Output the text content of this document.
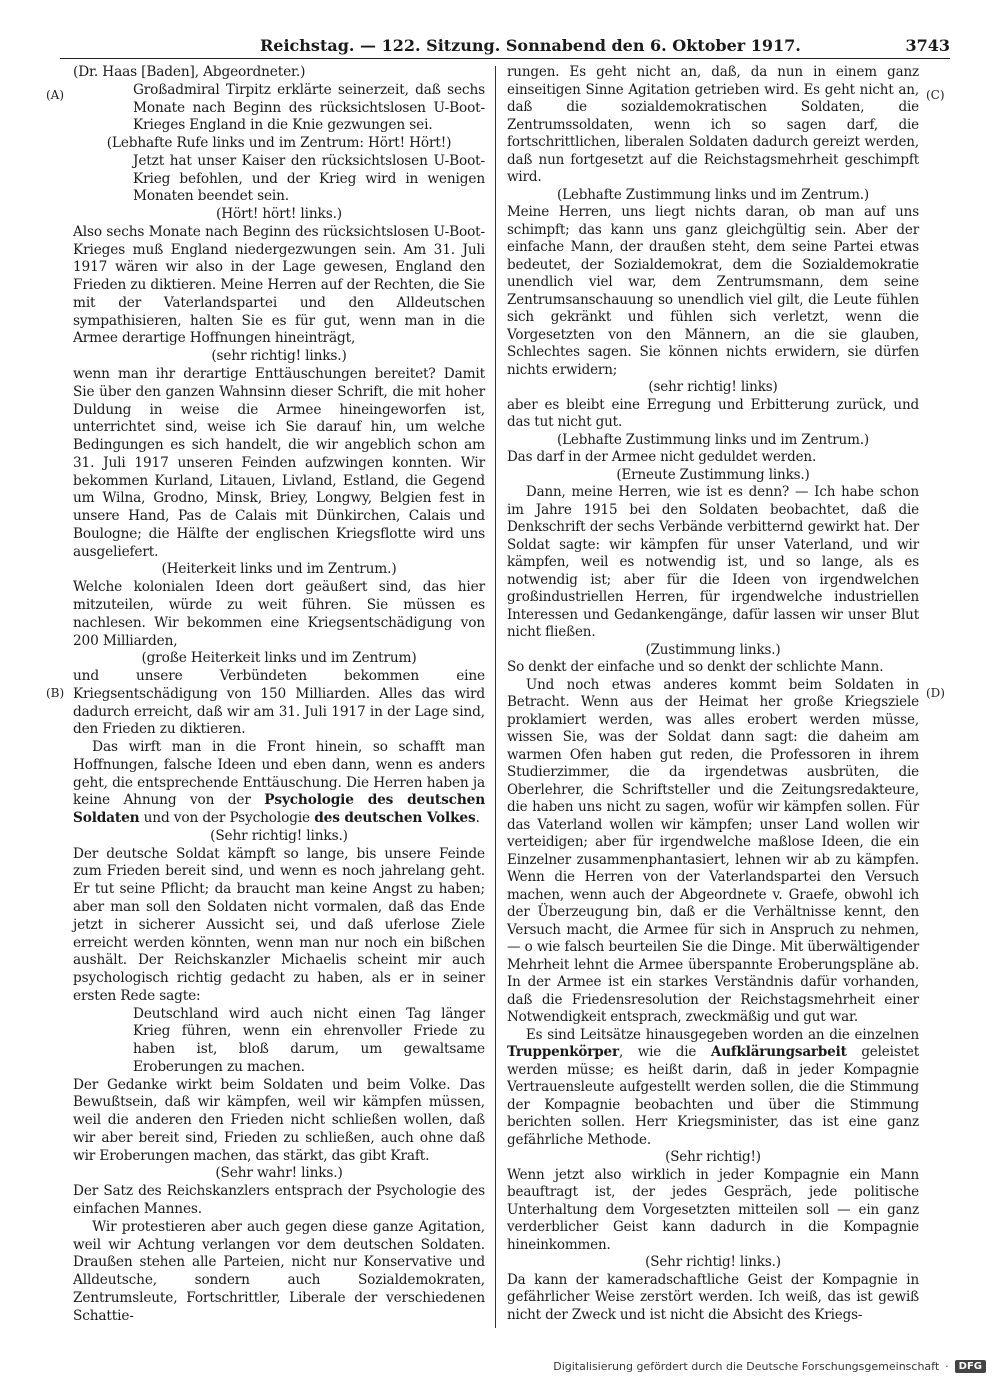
Reichstag. — 122. Sitzung. Sonnabend den 6. Oktober 1917.	3743
(A)
(B)
(C)
(D)

(Dr. Haas [Baden], Abgeordneter.)

Großadmiral Tirpitz erklärte seinerzeit, daß sechs Monate nach Beginn des rücksichtslosen U-Boot-Krieges England in die Knie gezwungen sei.

(Lebhafte Rufe links und im Zentrum: Hört! Hört!)

Jetzt hat unser Kaiser den rücksichtslosen U-Boot-Krieg befohlen, und der Krieg wird in wenigen Monaten beendet sein.

(Hört! hört! links.)

Also sechs Monate nach Beginn des rücksichtslosen U-Boot-Krieges muß England niedergezwungen sein. Am 31. Juli 1917 wären wir also in der Lage gewesen, England den Frieden zu diktieren. Meine Herren auf der Rechten, die Sie mit der Vaterlandspartei und den Alldeutschen sympathisieren, halten Sie es für gut, wenn man in die Armee derartige Hoffnungen hineinträgt,

(sehr richtig! links.)

wenn man ihr derartige Enttäuschungen bereitet? Damit Sie über den ganzen Wahnsinn dieser Schrift, die mit hoher Duldung in weise die Armee hineingeworfen ist, unterrichtet sind, weise ich Sie darauf hin, um welche Bedingungen es sich handelt, die wir angeblich schon am 31. Juli 1917 unseren Feinden aufzwingen konnten. Wir bekommen Kurland, Litauen, Livland, Estland, die Gegend um Wilna, Grodno, Minsk, Briey, Longwy, Belgien fest in unsere Hand, Pas de Calais mit Dünkirchen, Calais und Boulogne; die Hälfte der englischen Kriegsflotte wird uns ausgeliefert.

(Heiterkeit links und im Zentrum.)

Welche kolonialen Ideen dort geäußert sind, das hier mitzuteilen, würde zu weit führen. Sie müssen es nachlesen. Wir bekommen eine Kriegsentschädigung von 200 Milliarden,

(große Heiterkeit links und im Zentrum)

und unsere Verbündeten bekommen eine Kriegsentschädigung von 150 Milliarden. Alles das wird dadurch erreicht, daß wir am 31. Juli 1917 in der Lage sind, den Frieden zu diktieren.

Das wirft man in die Front hinein, so schafft man Hoffnungen, falsche Ideen und eben dann, wenn es anders geht, die entsprechende Enttäuschung. Die Herren haben ja keine Ahnung von der Psychologie des deutschen Soldaten und von der Psychologie des deutschen Volkes.

(Sehr richtig! links.)

Der deutsche Soldat kämpft so lange, bis unsere Feinde zum Frieden bereit sind, und wenn es noch jahrelang geht. Er tut seine Pflicht; da braucht man keine Angst zu haben; aber man soll den Soldaten nicht vormalen, daß das Ende jetzt in sicherer Aussicht sei, und daß uferlose Ziele erreicht werden könnten, wenn man nur noch ein bißchen aushält. Der Reichskanzler Michaelis scheint mir auch psychologisch richtig gedacht zu haben, als er in seiner ersten Rede sagte:

Deutschland wird auch nicht einen Tag länger Krieg führen, wenn ein ehrenvoller Friede zu haben ist, bloß darum, um gewaltsame Eroberungen zu machen.

Der Gedanke wirkt beim Soldaten und beim Volke. Das Bewußtsein, daß wir kämpfen, weil wir kämpfen müssen, weil die anderen den Frieden nicht schließen wollen, daß wir aber bereit sind, Frieden zu schließen, auch ohne daß wir Eroberungen machen, das stärkt, das gibt Kraft.

(Sehr wahr! links.)

Der Satz des Reichskanzlers entsprach der Psychologie des einfachen Mannes.

Wir protestieren aber auch gegen diese ganze Agitation, weil wir Achtung verlangen vor dem deutschen Soldaten. Draußen stehen alle Parteien, nicht nur Konservative und Alldeutsche, sondern auch Sozialdemokraten, Zentrumsleute, Fortschrittler, Liberale der verschiedenen Schattie-

rungen. Es geht nicht an, daß, da nun in einem ganz einseitigen Sinne Agitation getrieben wird. Es geht nicht an, daß die sozialdemokratischen Soldaten, die Zentrumssoldaten, wenn ich so sagen darf, die fortschrittlichen, liberalen Soldaten dadurch gereizt werden, daß nun fortgesetzt auf die Reichstagsmehrheit geschimpft wird.

(Lebhafte Zustimmung links und im Zentrum.)

Meine Herren, uns liegt nichts daran, ob man auf uns schimpft; das kann uns ganz gleichgültig sein. Aber der einfache Mann, der draußen steht, dem seine Partei etwas bedeutet, der Sozialdemokrat, dem die Sozialdemokratie unendlich viel war, dem Zentrumsmann, dem seine Zentrumsanschauung so unendlich viel gilt, die Leute fühlen sich gekränkt und fühlen sich verletzt, wenn die Vorgesetzten von den Männern, an die sie glauben, Schlechtes sagen. Sie können nichts erwidern, sie dürfen nichts erwidern;

(sehr richtig! links)

aber es bleibt eine Erregung und Erbitterung zurück, und das tut nicht gut.

(Lebhafte Zustimmung links und im Zentrum.)

Das darf in der Armee nicht geduldet werden.

(Erneute Zustimmung links.)

Dann, meine Herren, wie ist es denn? — Ich habe schon im Jahre 1915 bei den Soldaten beobachtet, daß die Denkschrift der sechs Verbände verbitternd gewirkt hat. Der Soldat sagte: wir kämpfen für unser Vaterland, und wir kämpfen, weil es notwendig ist, und so lange, als es notwendig ist; aber für die Ideen von irgendwelchen großindustriellen Herren, für irgendwelche industriellen Interessen und Gedankengänge, dafür lassen wir unser Blut nicht fließen.

(Zustimmung links.)

So denkt der einfache und so denkt der schlichte Mann.

Und noch etwas anderes kommt beim Soldaten in Betracht. Wenn aus der Heimat her große Kriegsziele proklamiert werden, was alles erobert werden müsse, wissen Sie, was der Soldat dann sagt: die daheim am warmen Ofen haben gut reden, die Professoren in ihrem Studierzimmer, die da irgendetwas ausbrüten, die Oberlehrer, die Schriftsteller und die Zeitungsredakteure, die haben uns nicht zu sagen, wofür wir kämpfen sollen. Für das Vaterland wollen wir kämpfen; unser Land wollen wir verteidigen; aber für irgendwelche maßlose Ideen, die ein Einzelner zusammenphantasiert, lehnen wir ab zu kämpfen. Wenn die Herren von der Vaterlandspartei den Versuch machen, wenn auch der Abgeordnete v. Graefe, obwohl ich der Überzeugung bin, daß er die Verhältnisse kennt, den Versuch macht, die Armee für sich in Anspruch zu nehmen, — o wie falsch beurteilen Sie die Dinge. Mit überwältigender Mehrheit lehnt die Armee überspannte Eroberungspläne ab. In der Armee ist ein starkes Verständnis dafür vorhanden, daß die Friedensresolution der Reichstagsmehrheit einer Notwendigkeit entsprach, zweckmäßig und gut war.

Es sind Leitsätze hinausgegeben worden an die einzelnen Truppenkörper, wie die Aufklärungsarbeit geleistet werden müsse; es heißt darin, daß in jeder Kompagnie Vertrauensleute aufgestellt werden sollen, die die Stimmung der Kompagnie beobachten und über die Stimmung berichten sollen. Herr Kriegsminister, das ist eine ganz gefährliche Methode.

(Sehr richtig!)

Wenn jetzt also wirklich in jeder Kompagnie ein Mann beauftragt ist, der jedes Gespräch, jede politische Unterhaltung dem Vorgesetzten mitteilen soll — ein ganz verderblicher Geist kann dadurch in die Kompagnie hineinkommen.

(Sehr richtig! links.)

Da kann der kameradschaftliche Geist der Kompagnie in gefährlicher Weise zerstört werden. Ich weiß, das ist gewiß nicht der Zweck und ist nicht die Absicht des Kriegs-

Digitalisierung gefördert durch die Deutsche Forschungsgemeinschaft ·	DFG
